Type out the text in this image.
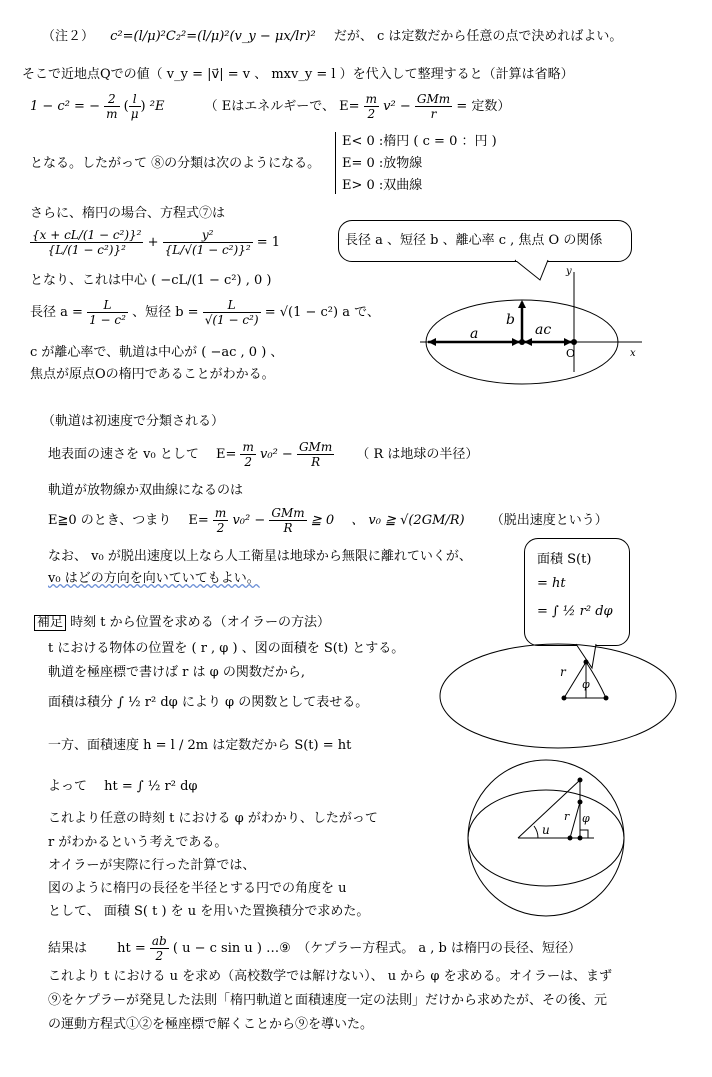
（注２） c²=(l/μ)²C₂²=(l/μ)²(v_y − μx/lr)² だが、 c は定数だから任意の点で決めればよい。
そこで近地点Qでの値（ v_y = |v⃗| = v 、 mxv_y = l ）を代入して整理すると（計算は省略）
1 − c² = − $\frac{2}{m}$ ( $\frac{l}{\mu}$ ) ²E	（ Eはエネルギーで、 $E= \frac{m}{2} v^2 - \frac{\text{GMm}}{r}$ = 定数）
となる。したがって ⑧の分類は次のようになる。
E< 0 :楕円 ( c = 0 ：円 )
E= 0 :放物線
E> 0 :双曲線
さらに、楕円の場合、方程式⑦は
$\frac{\text{\{x + cL/(1 − c²)\}²}}{\text{\{L/(1 − c²)\}²}} + \frac{\text{y²}}{\text{\{L/√(1 − c²)\}²}} = 1$
となり、これは中心 ( −cL/(1 − c²) , 0 )
長径 $a = \frac{L}{\text{1 − c²}}$ 、短径 $b = \frac{L}{\text{√(1 − c²)}} = √(1 - c^2)$ a で、
c が離心率で、軌道は中心が ( −ac , 0 ) 、
焦点が原点Oの楕円であることがわかる。
長径 a 、短径 b 、離心率 c , 焦点 O の関係
a
b
ac
O	x
y
（軌道は初速度で分類される）
地表面の速さを v₀ として　 $E= \frac{m}{2} v_0^2 - \frac{\text{GMm}}{R}$ （ R は地球の半径）
軌道が放物線か双曲線になるのは
E≧0 のとき、つまり　 $E= \frac{m}{2} v_0^2 - \frac{\text{GMm}}{R}$ ≧ 0 　、 v₀ ≧ √(2GM/R) （脱出速度という）
なお、 v₀ が脱出速度以上なら人工衛星は地球から無限に離れていくが、
v₀ はどの方向を向いていてもよい。
面積 S(t)
= ht
= ∫ ½ r² dφ
補足 時刻 t から位置を求める（オイラーの方法）
t における物体の位置を ( r , φ ) 、図の面積を S(t) とする。
軌道を極座標で書けば r は φ の関数だから,
面積は積分 ∫ ½ r² dφ により φ の関数として表せる。
一方、面積速度 h = l / 2m は定数だから S(t) = ht
よって　 ht = ∫ ½ r² dφ
これより任意の時刻 t における φ がわかり、したがって
r がわかるという考えである。
オイラーが実際に行った計算では、
図のように楕円の長径を半径とする円での角度を u
として、 面積 S( t ) を u を用いた置換積分で求めた。
結果は　　 ht = $\frac{ab}{2}$ ( u − c sin u ) …⑨　（ケプラー方程式。 a , b は楕円の長径、短径）
これより t における u を求め（高校数学では解けない）、 u から φ を求める。オイラーは、まず
⑨をケプラーが発見した法則「楕円軌道と面積速度一定の法則」だけから求めたが、その後、元
の運動方程式①②を極座標で解くことから⑨を導いた。
r
φ
u
r φ
